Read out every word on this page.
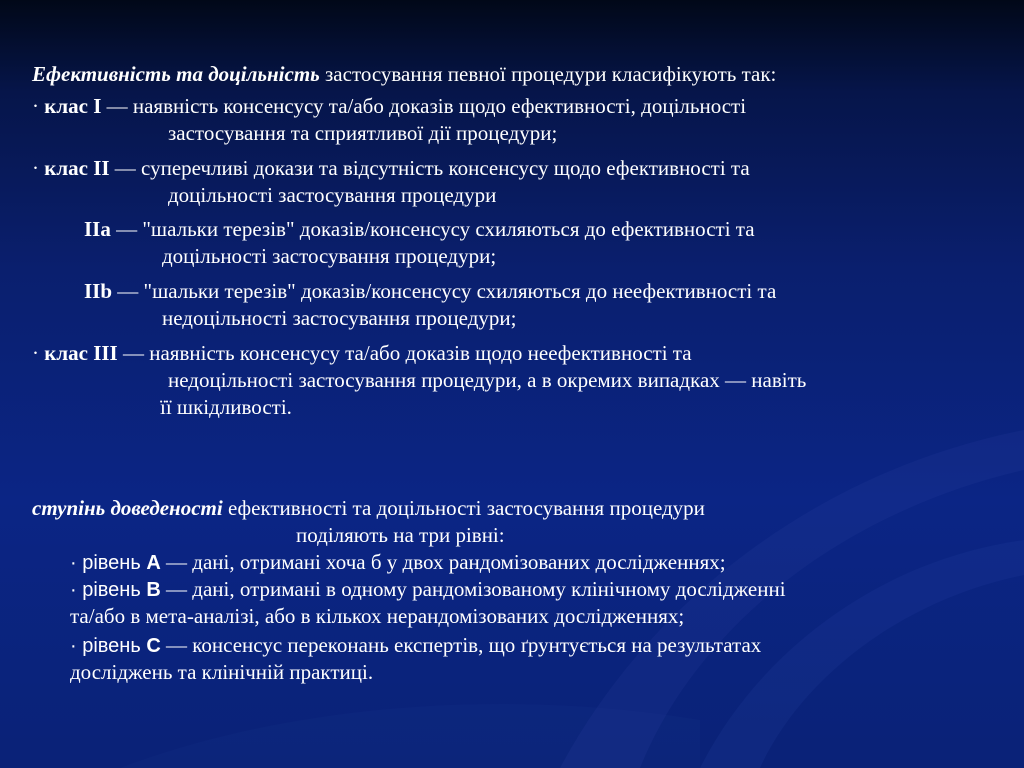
Ефективність та доцільність застосування певної процедури класифікують так:
· клас I — наявність консенсусу та/або доказів щодо ефективності, доцільності
застосування та сприятливої дії процедури;
· клас II — суперечливі докази та відсутність консенсусу щодо ефективності та
доцільності застосування процедури
IIa — "шальки терезів" доказів/консенсусу схиляються до ефективності та
доцільності застосування процедури;
IIb — "шальки терезів" доказів/консенсусу схиляються до неефективності та
недоцільності застосування процедури;
· клас III — наявність консенсусу та/або доказів щодо неефективності та
недоцільності застосування процедури, а в окремих випадках — навіть
її шкідливості.
ступінь доведеності ефективності та доцільності застосування процедури
поділяють на три рівні:
· рівень A — дані, отримані хоча б у двох рандомізованих дослідженнях;
· рівень B — дані, отримані в одному рандомізованому клінічному дослідженні
та/або в мета-аналізі, або в кількох нерандомізованих дослідженнях;
· рівень C — консенсус переконань експертів, що ґрунтується на результатах
досліджень та клінічній практиці.
